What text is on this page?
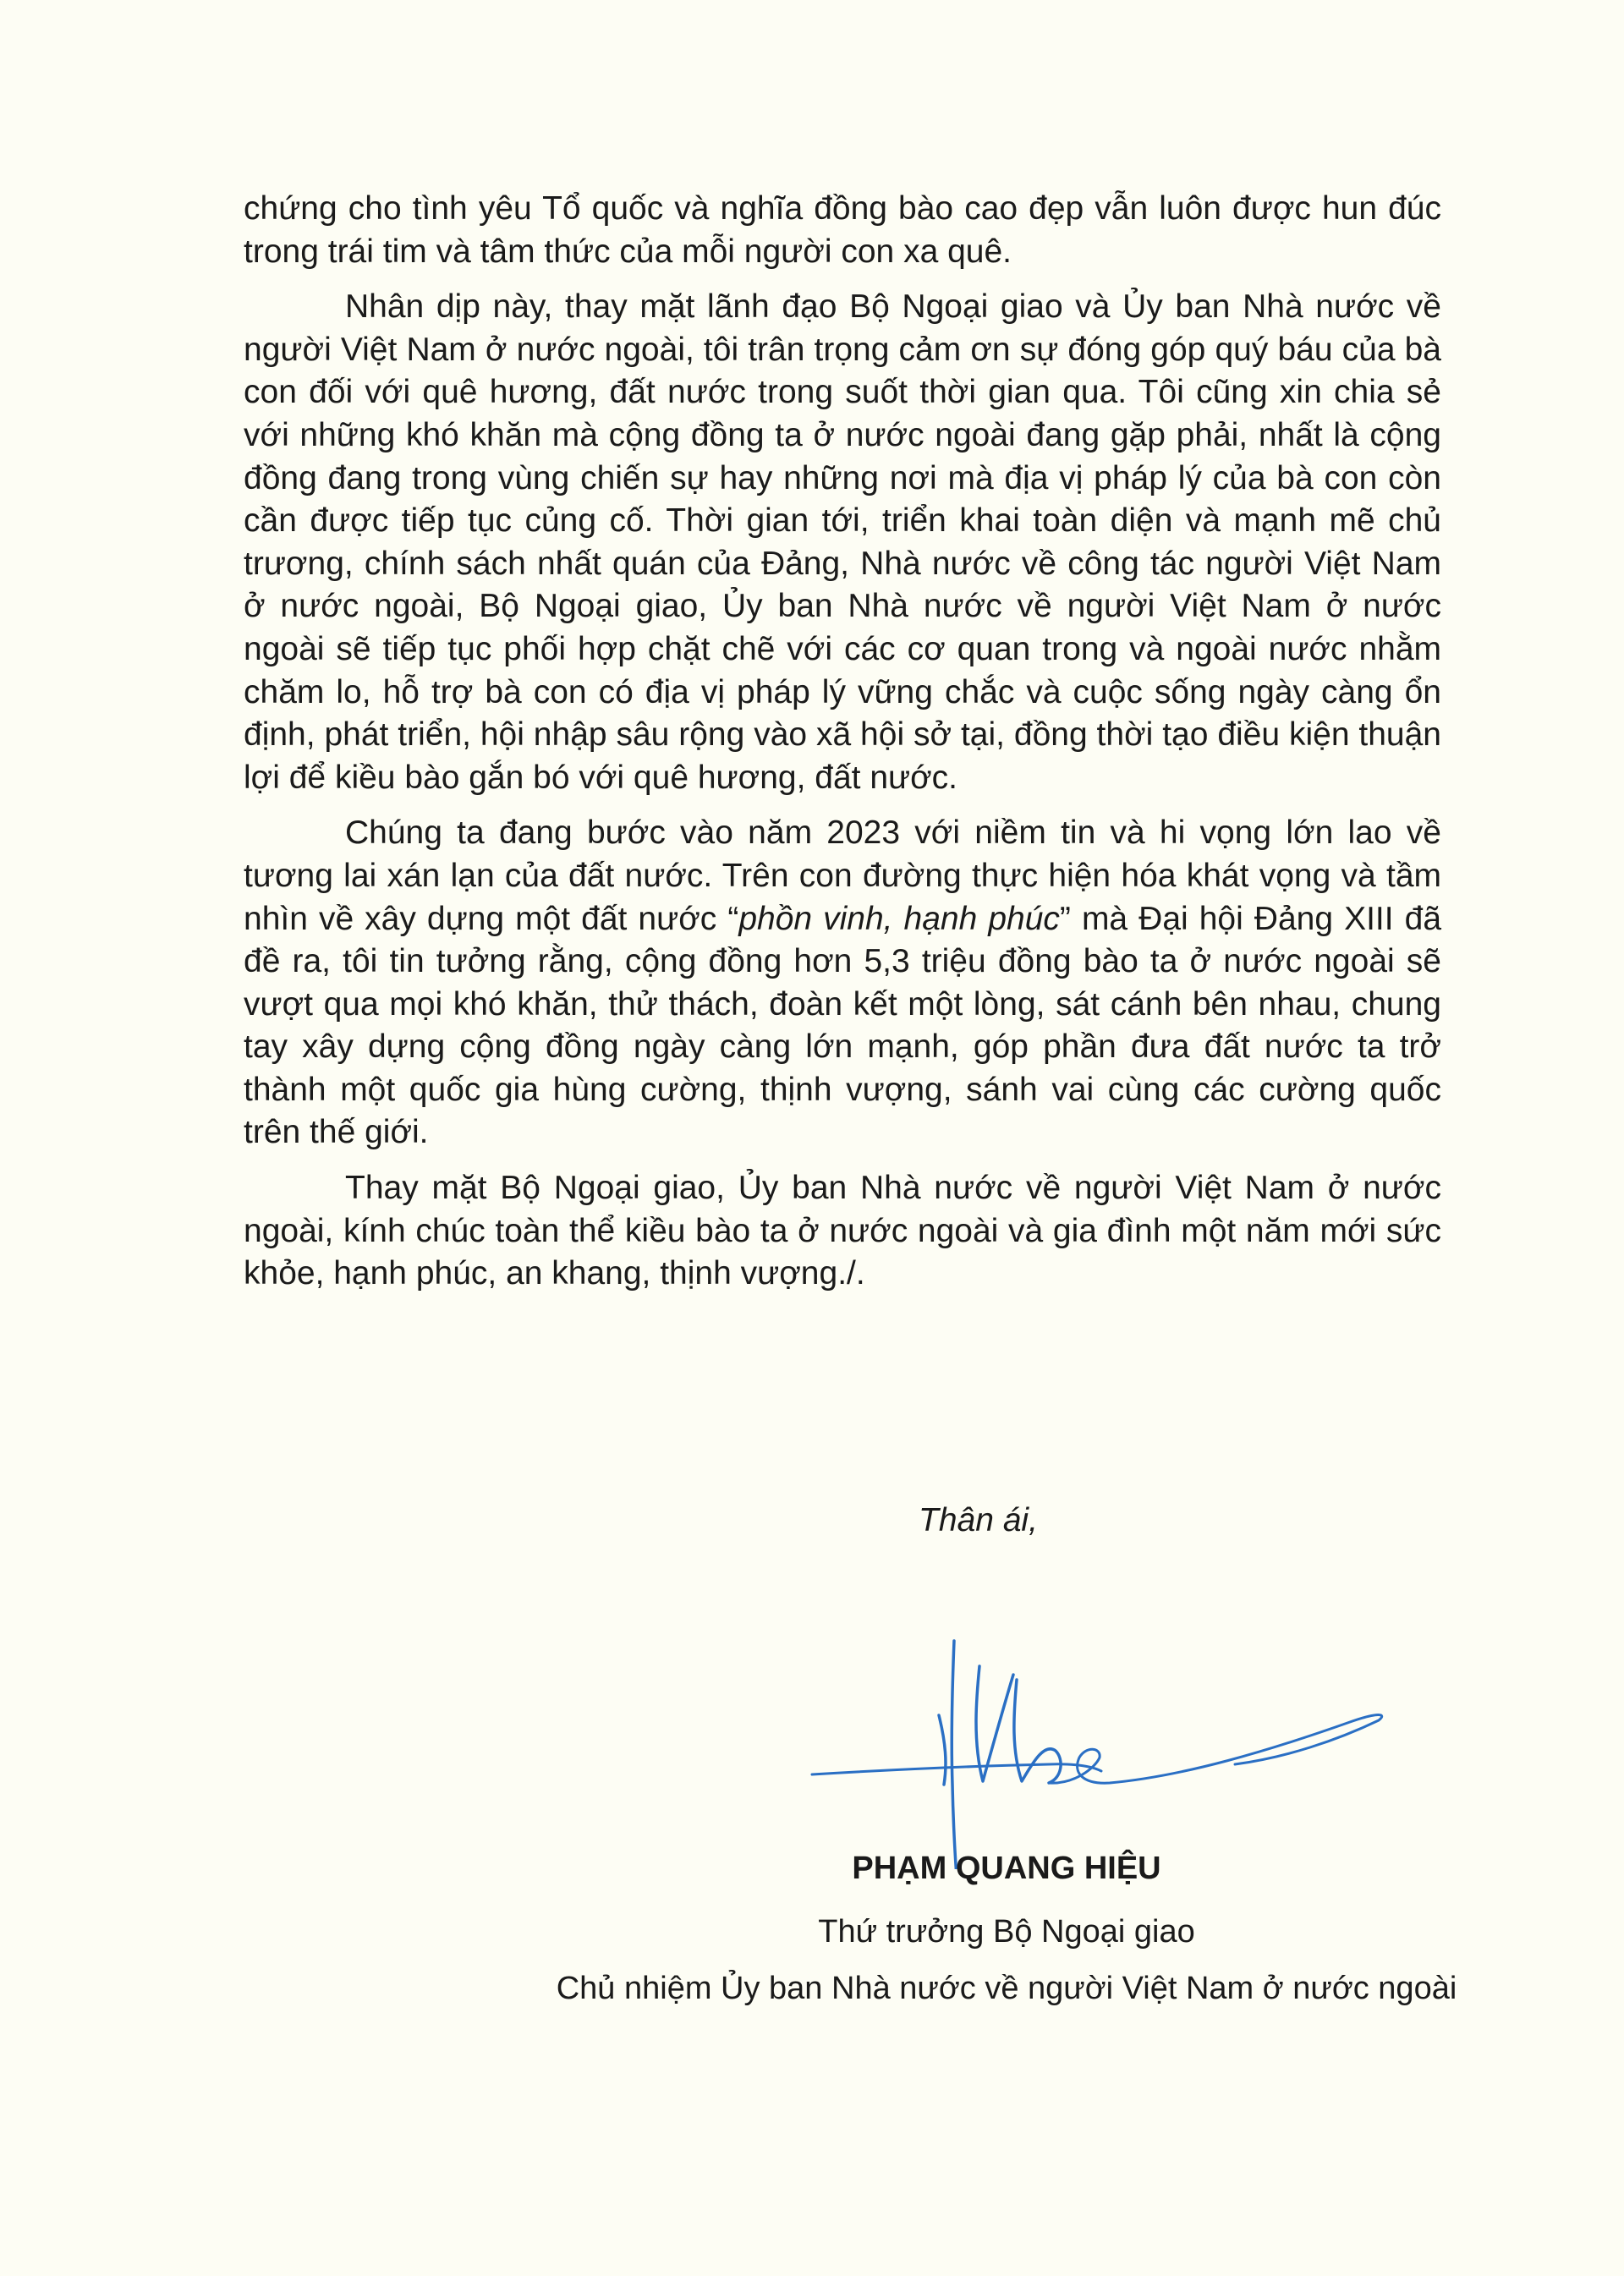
chứng cho tình yêu Tổ quốc và nghĩa đồng bào cao đẹp vẫn luôn được hun đúc trong trái tim và tâm thức của mỗi người con xa quê.

Nhân dịp này, thay mặt lãnh đạo Bộ Ngoại giao và Ủy ban Nhà nước về người Việt Nam ở nước ngoài, tôi trân trọng cảm ơn sự đóng góp quý báu của bà con đối với quê hương, đất nước trong suốt thời gian qua. Tôi cũng xin chia sẻ với những khó khăn mà cộng đồng ta ở nước ngoài đang gặp phải, nhất là cộng đồng đang trong vùng chiến sự hay những nơi mà địa vị pháp lý của bà con còn cần được tiếp tục củng cố. Thời gian tới, triển khai toàn diện và mạnh mẽ chủ trương, chính sách nhất quán của Đảng, Nhà nước về công tác người Việt Nam ở nước ngoài, Bộ Ngoại giao, Ủy ban Nhà nước về người Việt Nam ở nước ngoài sẽ tiếp tục phối hợp chặt chẽ với các cơ quan trong và ngoài nước nhằm chăm lo, hỗ trợ bà con có địa vị pháp lý vững chắc và cuộc sống ngày càng ổn định, phát triển, hội nhập sâu rộng vào xã hội sở tại, đồng thời tạo điều kiện thuận lợi để kiều bào gắn bó với quê hương, đất nước.

Chúng ta đang bước vào năm 2023 với niềm tin và hi vọng lớn lao về tương lai xán lạn của đất nước. Trên con đường thực hiện hóa khát vọng và tầm nhìn về xây dựng một đất nước “phồn vinh, hạnh phúc” mà Đại hội Đảng XIII đã đề ra, tôi tin tưởng rằng, cộng đồng hơn 5,3 triệu đồng bào ta ở nước ngoài sẽ vượt qua mọi khó khăn, thử thách, đoàn kết một lòng, sát cánh bên nhau, chung tay xây dựng cộng đồng ngày càng lớn mạnh, góp phần đưa đất nước ta trở thành một quốc gia hùng cường, thịnh vượng, sánh vai cùng các cường quốc trên thế giới.

Thay mặt Bộ Ngoại giao, Ủy ban Nhà nước về người Việt Nam ở nước ngoài, kính chúc toàn thể kiều bào ta ở nước ngoài và gia đình một năm mới sức khỏe, hạnh phúc, an khang, thịnh vượng./.

Thân ái,
PHẠM QUANG HIỆU
Thứ trưởng Bộ Ngoại giao
Chủ nhiệm Ủy ban Nhà nước về người Việt Nam ở nước ngoài
